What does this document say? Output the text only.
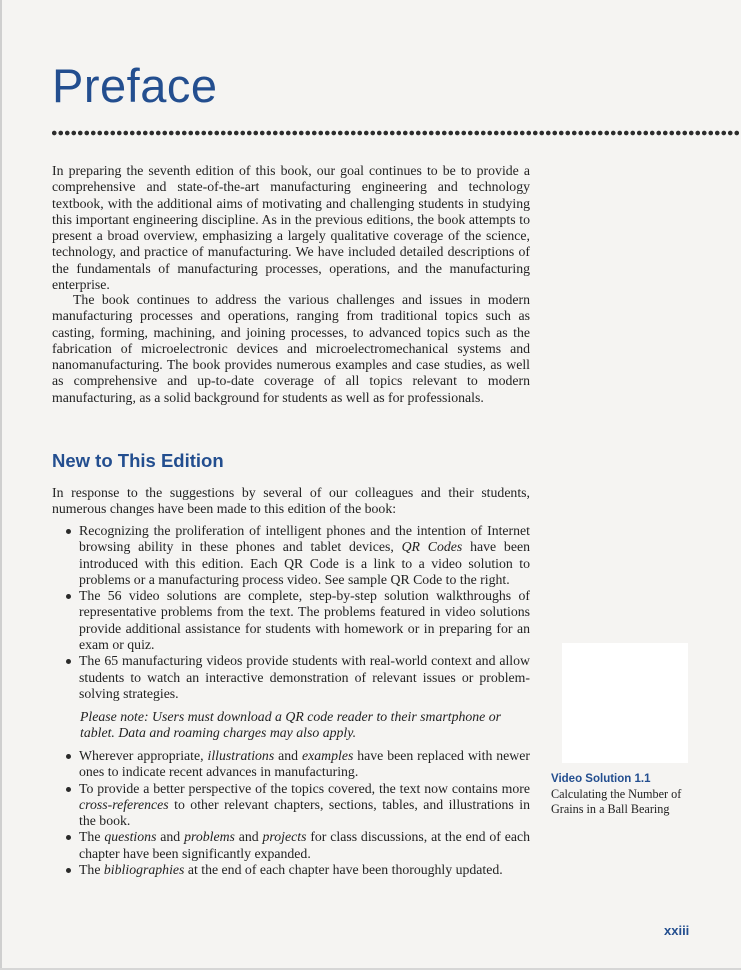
Preface

In preparing the seventh edition of this book, our goal continues to be to provide a comprehensive and state-of-the-art manufacturing engineering and technology textbook, with the additional aims of motivating and challenging students in studying this important engineering discipline. As in the previous editions, the book attempts to present a broad overview, emphasizing a largely qualitative coverage of the science, technology, and practice of manufacturing. We have included detailed descriptions of the fundamentals of manufacturing processes, operations, and the manufacturing enterprise.

The book continues to address the various challenges and issues in modern manufacturing processes and operations, ranging from traditional topics such as casting, forming, machining, and joining processes, to advanced topics such as the fabrication of microelectronic devices and microelectromechanical systems and nanomanufacturing. The book provides numerous examples and case studies, as well as comprehensive and up-to-date coverage of all topics relevant to modern manufacturing, as a solid background for students as well as for professionals.

New to This Edition

In response to the suggestions by several of our colleagues and their students, numerous changes have been made to this edition of the book:

Recognizing the proliferation of intelligent phones and the intention of Internet browsing ability in these phones and tablet devices, QR Codes have been introduced with this edition. Each QR Code is a link to a video solution to problems or a manufacturing process video. See sample QR Code to the right.
The 56 video solutions are complete, step-by-step solution walkthroughs of representative problems from the text. The problems featured in video solutions provide additional assistance for students with homework or in preparing for an exam or quiz.
The 65 manufacturing videos provide students with real-world context and allow students to watch an interactive demonstration of relevant issues or problem-solving strategies.

Please note: Users must download a QR code reader to their smartphone or tablet. Data and roaming charges may also apply.

Wherever appropriate, illustrations and examples have been replaced with newer ones to indicate recent advances in manufacturing.
To provide a better perspective of the topics covered, the text now contains more cross-references to other relevant chapters, sections, tables, and illustrations in the book.
The questions and problems and projects for class discussions, at the end of each chapter have been significantly expanded.
The bibliographies at the end of each chapter have been thoroughly updated.

Video Solution 1.1 Calculating the Number of Grains in a Ball Bearing

xxiii
